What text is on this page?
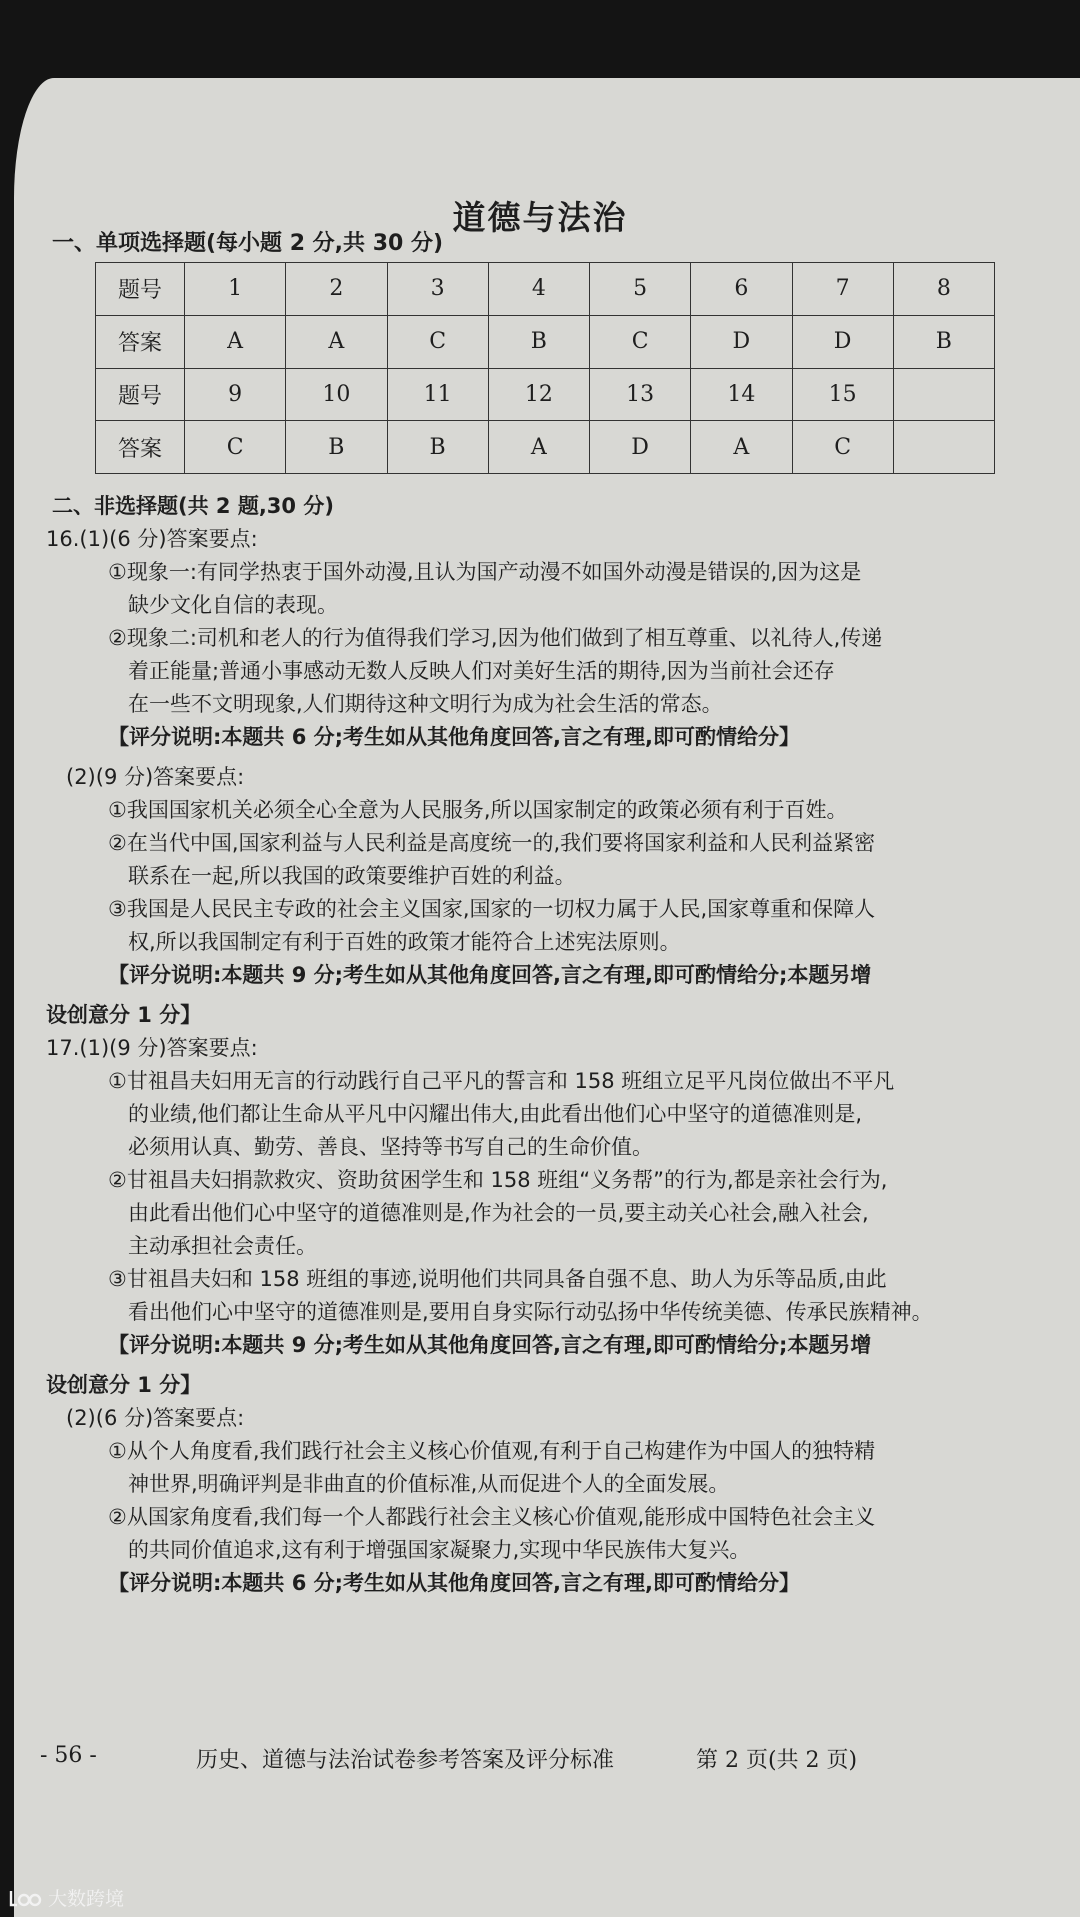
道德与法治
一、单项选择题(每小题 2 分,共 30 分)
题号	1	2	3	4	5	6	7	8
答案	A	A	C	B	C	D	D	B
题号	9	10	11	12	13	14	15	
答案	C	B	B	A	D	A	C	
二、非选择题(共 2 题,30 分)
16.(1)(6 分)答案要点:
①现象一:有同学热衷于国外动漫,且认为国产动漫不如国外动漫是错误的,因为这是
缺少文化自信的表现。
②现象二:司机和老人的行为值得我们学习,因为他们做到了相互尊重、以礼待人,传递
着正能量;普通小事感动无数人反映人们对美好生活的期待,因为当前社会还存
在一些不文明现象,人们期待这种文明行为成为社会生活的常态。
【评分说明:本题共 6 分;考生如从其他角度回答,言之有理,即可酌情给分】
(2)(9 分)答案要点:
①我国国家机关必须全心全意为人民服务,所以国家制定的政策必须有利于百姓。
②在当代中国,国家利益与人民利益是高度统一的,我们要将国家利益和人民利益紧密
联系在一起,所以我国的政策要维护百姓的利益。
③我国是人民民主专政的社会主义国家,国家的一切权力属于人民,国家尊重和保障人
权,所以我国制定有利于百姓的政策才能符合上述宪法原则。
【评分说明:本题共 9 分;考生如从其他角度回答,言之有理,即可酌情给分;本题另增
设创意分 1 分】
17.(1)(9 分)答案要点:
①甘祖昌夫妇用无言的行动践行自己平凡的誓言和 158 班组立足平凡岗位做出不平凡
的业绩,他们都让生命从平凡中闪耀出伟大,由此看出他们心中坚守的道德准则是,
必须用认真、勤劳、善良、坚持等书写自己的生命价值。
②甘祖昌夫妇捐款救灾、资助贫困学生和 158 班组“义务帮”的行为,都是亲社会行为,
由此看出他们心中坚守的道德准则是,作为社会的一员,要主动关心社会,融入社会,
主动承担社会责任。
③甘祖昌夫妇和 158 班组的事迹,说明他们共同具备自强不息、助人为乐等品质,由此
看出他们心中坚守的道德准则是,要用自身实际行动弘扬中华传统美德、传承民族精神。
【评分说明:本题共 9 分;考生如从其他角度回答,言之有理,即可酌情给分;本题另增
设创意分 1 分】
(2)(6 分)答案要点:
①从个人角度看,我们践行社会主义核心价值观,有利于自己构建作为中国人的独特精
神世界,明确评判是非曲直的价值标准,从而促进个人的全面发展。
②从国家角度看,我们每一个人都践行社会主义核心价值观,能形成中国特色社会主义
的共同价值追求,这有利于增强国家凝聚力,实现中华民族伟大复兴。
【评分说明:本题共 6 分;考生如从其他角度回答,言之有理,即可酌情给分】
- 56 -	历史、道德与法治试卷参考答案及评分标准	第 2 页(共 2 页)
大数跨境
